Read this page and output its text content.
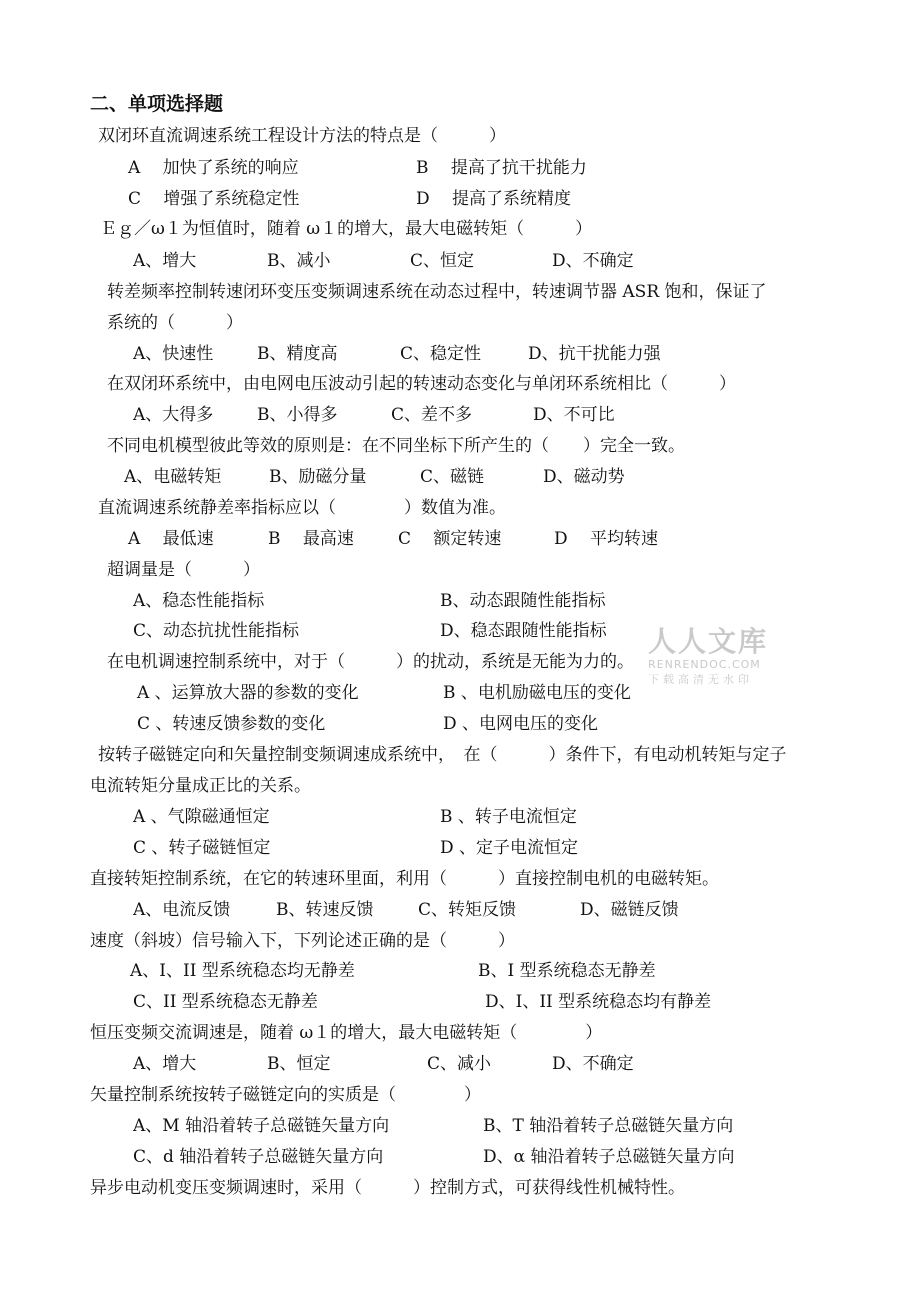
二、单项选择题
双闭环直流调速系统工程设计方法的特点是（　　　）
A　 加快了系统的响应	B　 提高了抗干扰能力
C　 增强了系统稳定性	D　 提高了系统精度
Ｅｇ／ω１为恒值时，随着 ω１的增大，最大电磁转矩（　　　）
A、增大	B、减小	C、恒定	D、不确定
转差频率控制转速闭环变压变频调速系统在动态过程中，转速调节器 ASR 饱和，保证了
系统的（　　　）
A、快速性	B、精度高	C、稳定性	D、抗干扰能力强
在双闭环系统中，由电网电压波动引起的转速动态变化与单闭环系统相比（　　　）
A、大得多	B、小得多	C、差不多	D、不可比
不同电机模型彼此等效的原则是：在不同坐标下所产生的（　　）完全一致。
A、电磁转矩	B、励磁分量	C、磁链	D、磁动势
直流调速系统静差率指标应以（　　　　）数值为准。
A　 最低速	B　 最高速	C　 额定转速	D　 平均转速
超调量是（　　　）
A、稳态性能指标	B、动态跟随性能指标
C、动态抗扰性能指标	D、稳态跟随性能指标
在电机调速控制系统中，对于（　　　）的扰动，系统是无能为力的。
A 、运算放大器的参数的变化	B 、电机励磁电压的变化
C 、转速反馈参数的变化	D 、电网电压的变化
按转子磁链定向和矢量控制变频调速成系统中，　在（　　　）条件下，有电动机转矩与定子
电流转矩分量成正比的关系。
A 、气隙磁通恒定	B 、转子电流恒定
C 、转子磁链恒定	D 、定子电流恒定
直接转矩控制系统，在它的转速环里面，利用（　　　）直接控制电机的电磁转矩。
A、电流反馈	B、转速反馈	C、转矩反馈	D、磁链反馈
速度（斜坡）信号输入下，下列论述正确的是（　　　）
A、I、II 型系统稳态均无静差	B、I 型系统稳态无静差
C、II 型系统稳态无静差	D、I、II 型系统稳态均有静差
恒压变频交流调速是，随着 ω１的增大，最大电磁转矩（　　　　）
A、增大	B、恒定	C、减小	D、不确定
矢量控制系统按转子磁链定向的实质是（　　　　）
A、M 轴沿着转子总磁链矢量方向	B、T 轴沿着转子总磁链矢量方向
C、d 轴沿着转子总磁链矢量方向	D、α 轴沿着转子总磁链矢量方向
异步电动机变压变频调速时，采用（　　　）控制方式，可获得线性机械特性。
人人文库
RENRENDOC.COM
下载高清无水印
